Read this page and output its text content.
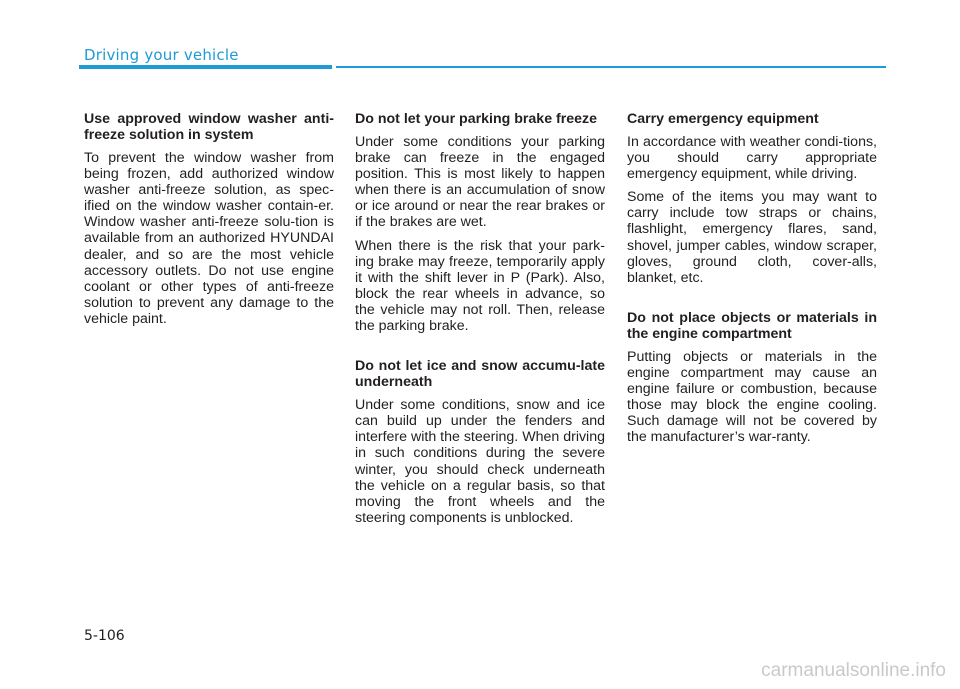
Driving your vehicle
Use approved window washer anti-freeze solution in system

To prevent the window washer from being frozen, add authorized window washer anti-freeze solution, as spec-ified on the window washer contain-er. Window washer anti-freeze solu-tion is available from an authorized HYUNDAI dealer, and so are the most vehicle accessory outlets. Do not use engine coolant or other types of anti-freeze solution to prevent any damage to the vehicle paint.

Do not let your parking brake freeze

Under some conditions your parking brake can freeze in the engaged position. This is most likely to happen when there is an accumulation of snow or ice around or near the rear brakes or if the brakes are wet.

When there is the risk that your park-ing brake may freeze, temporarily apply it with the shift lever in P (Park). Also, block the rear wheels in advance, so the vehicle may not roll. Then, release the parking brake.

Do not let ice and snow accumu-late underneath

Under some conditions, snow and ice can build up under the fenders and interfere with the steering. When driving in such conditions during the severe winter, you should check underneath the vehicle on a regular basis, so that moving the front wheels and the steering components is unblocked.

Carry emergency equipment

In accordance with weather condi-tions, you should carry appropriate emergency equipment, while driving.

Some of the items you may want to carry include tow straps or chains, flashlight, emergency flares, sand, shovel, jumper cables, window scraper, gloves, ground cloth, cover-alls, blanket, etc.

Do not place objects or materials in the engine compartment

Putting objects or materials in the engine compartment may cause an engine failure or combustion, because those may block the engine cooling. Such damage will not be covered by the manufacturer’s war-ranty.

5-106
carmanualsonline.info
